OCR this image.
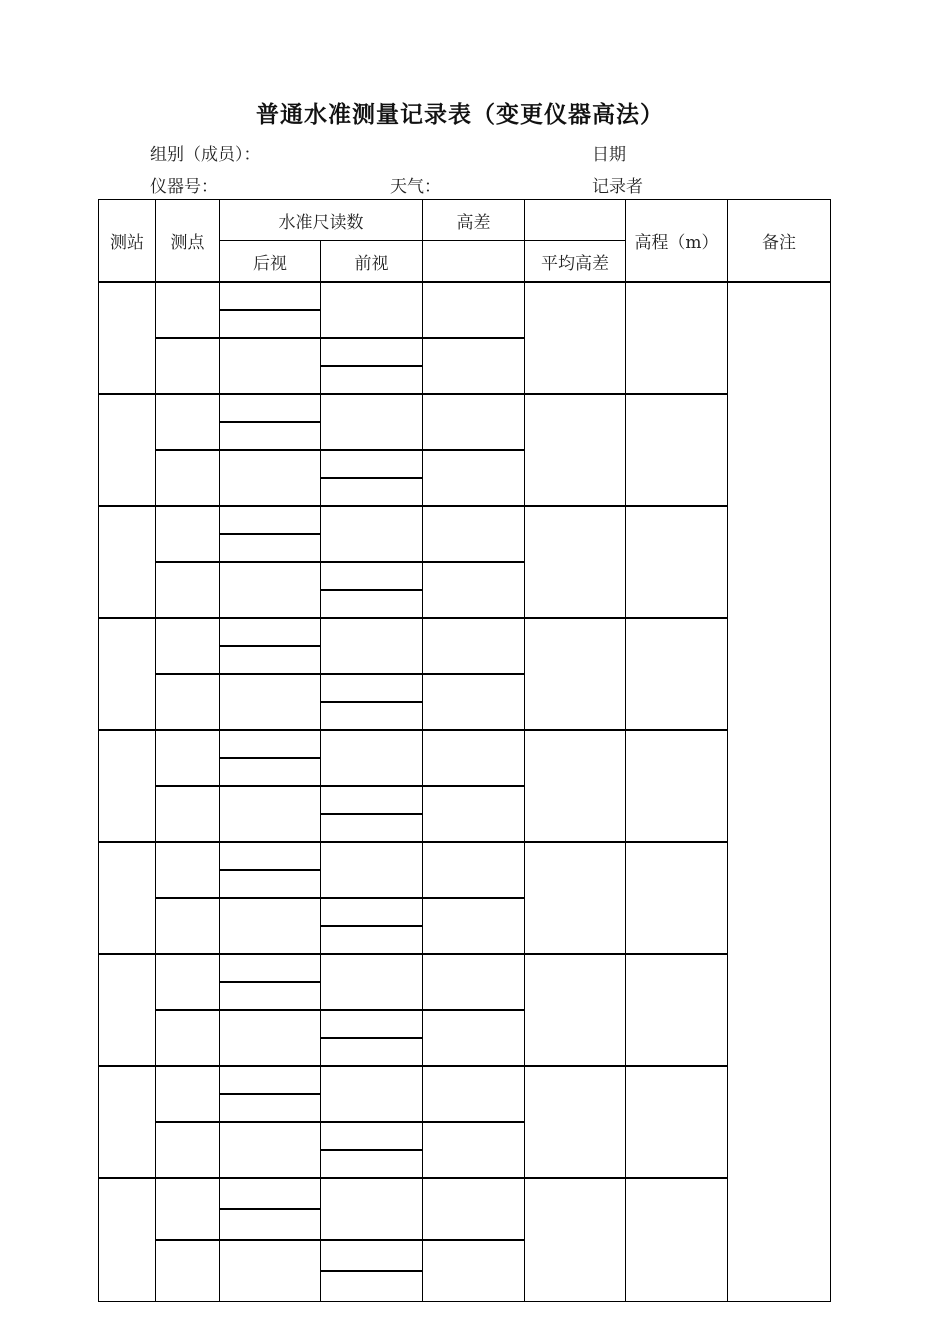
普通水准测量记录表（变更仪器高法）
组别（成员）：	日期
仪器号：	天气：	记录者
测站	测点	水准尺读数		高差		高程（m）	备注
		后视	前视		平均高差		
